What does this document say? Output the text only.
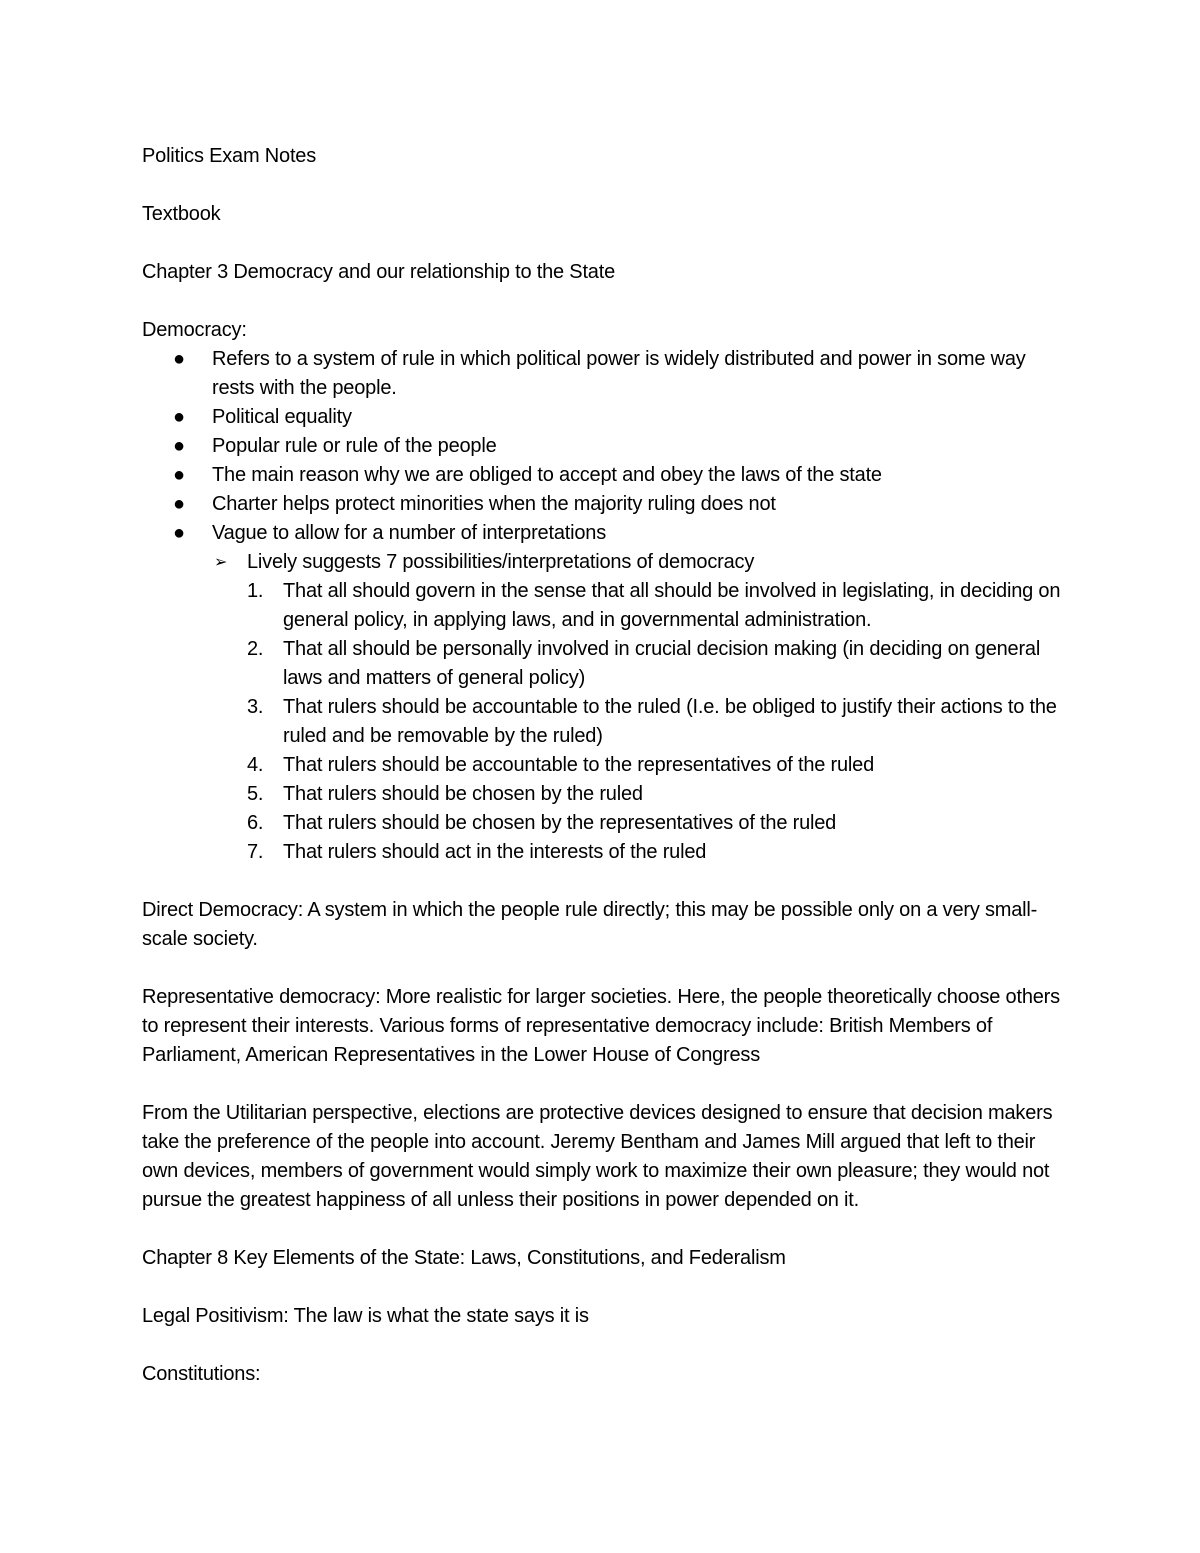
Politics Exam Notes

Textbook

Chapter 3 Democracy and our relationship to the State

Democracy:

● Refers to a system of rule in which political power is widely distributed and power in some way rests with the people.
● Political equality
● Popular rule or rule of the people
● The main reason why we are obliged to accept and obey the laws of the state
● Charter helps protect minorities when the majority ruling does not
● Vague to allow for a number of interpretations
➢ Lively suggests 7 possibilities/interpretations of democracy
1. That all should govern in the sense that all should be involved in legislating, in deciding on general policy, in applying laws, and in governmental administration.
2. That all should be personally involved in crucial decision making (in deciding on general laws and matters of general policy)
3. That rulers should be accountable to the ruled (I.e. be obliged to justify their actions to the ruled and be removable by the ruled)
4. That rulers should be accountable to the representatives of the ruled
5. That rulers should be chosen by the ruled
6. That rulers should be chosen by the representatives of the ruled
7. That rulers should act in the interests of the ruled

Direct Democracy: A system in which the people rule directly; this may be possible only on a very small-scale society.

Representative democracy: More realistic for larger societies. Here, the people theoretically choose others to represent their interests. Various forms of representative democracy include: British Members of Parliament, American Representatives in the Lower House of Congress

From the Utilitarian perspective, elections are protective devices designed to ensure that decision makers take the preference of the people into account. Jeremy Bentham and James Mill argued that left to their own devices, members of government would simply work to maximize their own pleasure; they would not pursue the greatest happiness of all unless their positions in power depended on it.

Chapter 8 Key Elements of the State: Laws, Constitutions, and Federalism

Legal Positivism: The law is what the state says it is

Constitutions:
